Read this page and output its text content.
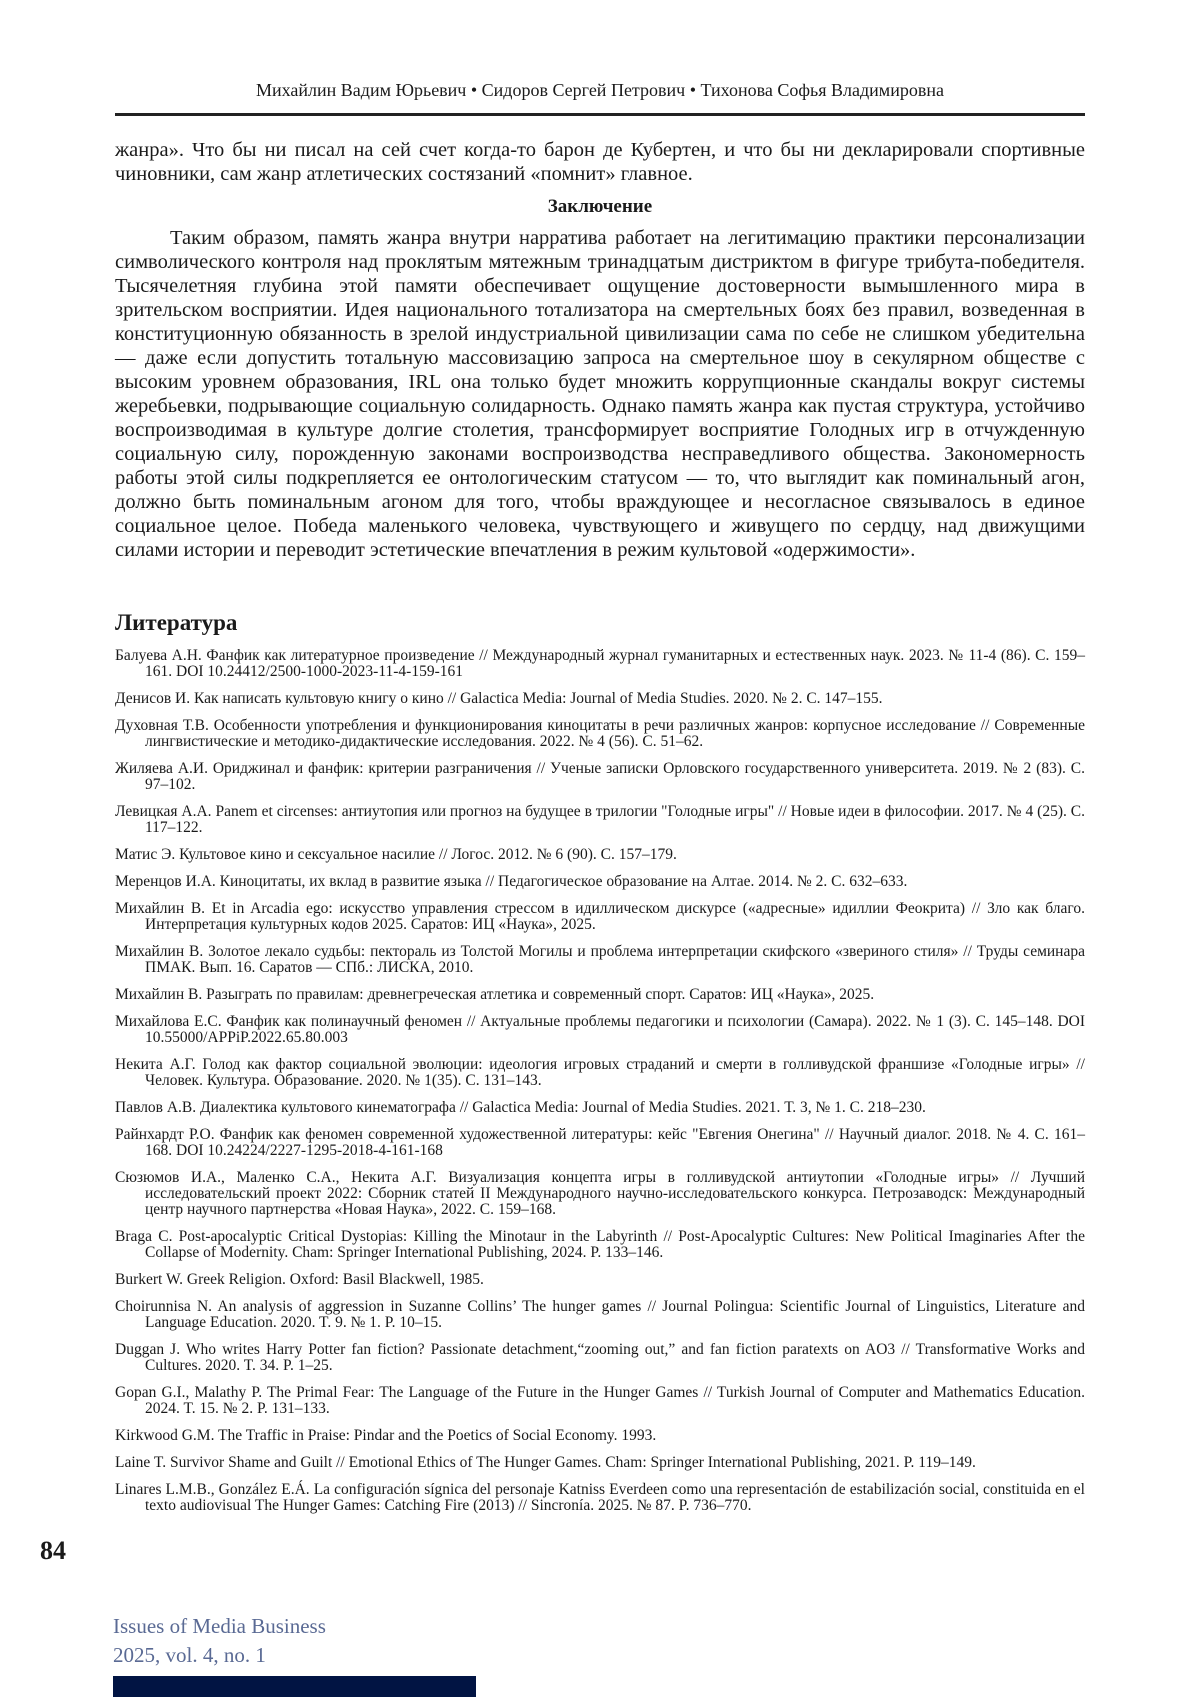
Михайлин Вадим Юрьевич • Сидоров Сергей Петрович • Тихонова Софья Владимировна

жанра». Что бы ни писал на сей счет когда-то барон де Кубертен, и что бы ни декларировали спортивные чиновники, сам жанр атлетических состязаний «помнит» главное.

Заключение

Таким образом, память жанра внутри нарратива работает на легитимацию практики персонализации символического контроля над проклятым мятежным тринадцатым дистриктом в фигуре трибута-победителя. Тысячелетняя глубина этой памяти обеспечивает ощущение достоверности вымышленного мира в зрительском восприятии. Идея национального тотализатора на смертельных боях без правил, возведенная в конституционную обязанность в зрелой индустриальной цивилизации сама по себе не слишком убедительна — даже если допустить тотальную массовизацию запроса на смертельное шоу в секулярном обществе с высоким уровнем образования, IRL она только будет множить коррупционные скандалы вокруг системы жеребьевки, подрывающие социальную солидарность. Однако память жанра как пустая структура, устойчиво воспроизводимая в культуре долгие столетия, трансформирует восприятие Голодных игр в отчужденную социальную силу, порожденную законами воспроизводства несправедливого общества. Закономерность работы этой силы подкрепляется ее онтологическим статусом — то, что выглядит как поминальный агон, должно быть поминальным агоном для того, чтобы враждующее и несогласное связывалось в единое социальное целое. Победа маленького человека, чувствующего и живущего по сердцу, над движущими силами истории и переводит эстетические впечатления в режим культовой «одержимости».

Литература
Балуева А.Н. Фанфик как литературное произведение // Международный журнал гуманитарных и естественных наук. 2023. № 11-4 (86). С. 159–161. DOI 10.24412/2500-1000-2023-11-4-159-161
Денисов И. Как написать культовую книгу о кино // Galactica Media: Journal of Media Studies. 2020. № 2. С. 147–155.
Духовная Т.В. Особенности употребления и функционирования киноцитаты в речи различных жанров: корпусное исследование // Современные лингвистические и методико-дидактические исследования. 2022. № 4 (56). С. 51–62.
Жиляева А.И. Ориджинал и фанфик: критерии разграничения // Ученые записки Орловского государственного университета. 2019. № 2 (83). С. 97–102.
Левицкая А.А. Panem et circenses: антиутопия или прогноз на будущее в трилогии "Голодные игры" // Новые идеи в философии. 2017. № 4 (25). С. 117–122.
Матис Э. Культовое кино и сексуальное насилие // Логос. 2012. № 6 (90). С. 157–179.
Меренцов И.А. Киноцитаты, их вклад в развитие языка // Педагогическое образование на Алтае. 2014. № 2. С. 632–633.
Михайлин В. Et in Arcadia ego: искусство управления стрессом в идиллическом дискурсе («адресные» идиллии Феокрита) // Зло как благо. Интерпретация культурных кодов 2025. Саратов: ИЦ «Наука», 2025.
Михайлин В. Золотое лекало судьбы: пектораль из Толстой Могилы и проблема интерпретации скифского «звериного стиля» // Труды семинара ПМАК. Вып. 16. Саратов — СПб.: ЛИСКА, 2010.
Михайлин В. Разыграть по правилам: древнегреческая атлетика и современный спорт. Саратов: ИЦ «Наука», 2025.
Михайлова Е.С. Фанфик как полинаучный феномен // Актуальные проблемы педагогики и психологии (Самара). 2022. № 1 (3). С. 145–148. DOI 10.55000/APPiP.2022.65.80.003
Некита А.Г. Голод как фактор социальной эволюции: идеология игровых страданий и смерти в голливудской франшизе «Голодные игры» // Человек. Культура. Образование. 2020. № 1(35). С. 131–143.
Павлов А.В. Диалектика культового кинематографа // Galactica Media: Journal of Media Studies. 2021. Т. 3, № 1. С. 218–230.
Райнхардт Р.О. Фанфик как феномен современной художественной литературы: кейс "Евгения Онегина" // Научный диалог. 2018. № 4. С. 161–168. DOI 10.24224/2227-1295-2018-4-161-168
Сюзюмов И.А., Маленко С.А., Некита А.Г. Визуализация концепта игры в голливудской антиутопии «Голодные игры» // Лучший исследовательский проект 2022: Сборник статей II Международного научно-исследовательского конкурса. Петрозаводск: Международный центр научного партнерства «Новая Наука», 2022. С. 159–168.
Braga C. Post-apocalyptic Critical Dystopias: Killing the Minotaur in the Labyrinth // Post-Apocalyptic Cultures: New Political Imaginaries After the Collapse of Modernity. Cham: Springer International Publishing, 2024. P. 133–146.
Burkert W. Greek Religion. Oxford: Basil Blackwell, 1985.
Choirunnisa N. An analysis of aggression in Suzanne Collins’ The hunger games // Journal Polingua: Scientific Journal of Linguistics, Literature and Language Education. 2020. T. 9. № 1. P. 10–15.
Duggan J. Who writes Harry Potter fan fiction? Passionate detachment,“zooming out,” and fan fiction paratexts on AO3 // Transformative Works and Cultures. 2020. T. 34. P. 1–25.
Gopan G.I., Malathy P. The Primal Fear: The Language of the Future in the Hunger Games // Turkish Journal of Computer and Mathematics Education. 2024. T. 15. № 2. P. 131–133.
Kirkwood G.M. The Traffic in Praise: Pindar and the Poetics of Social Economy. 1993.
Laine T. Survivor Shame and Guilt // Emotional Ethics of The Hunger Games. Cham: Springer International Publishing, 2021. P. 119–149.
Linares L.M.B., González E.Á. La configuración sígnica del personaje Katniss Everdeen como una representación de estabilización social, constituida en el texto audiovisual The Hunger Games: Catching Fire (2013) // Sincronía. 2025. № 87. P. 736–770.
84
Issues of Media Business
2025, vol. 4, no. 1
